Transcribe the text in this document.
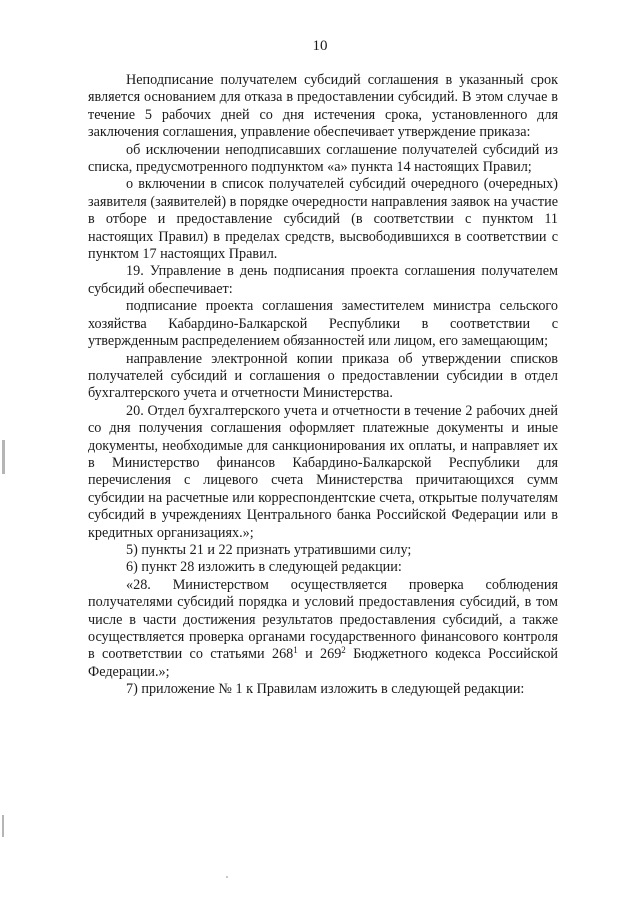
10

Неподписание получателем субсидий соглашения в указанный срок является основанием для отказа в предоставлении субсидий. В этом случае в течение 5 рабочих дней со дня истечения срока, установленного для заключения соглашения, управление обеспечивает утверждение приказа:

об исключении неподписавших соглашение получателей субсидий из списка, предусмотренного подпунктом «а» пункта 14 настоящих Правил;

о включении в список получателей субсидий очередного (очередных) заявителя (заявителей) в порядке очередности направления заявок на участие в отборе и предоставление субсидий (в соответствии с пунктом 11 настоящих Правил) в пределах средств, высвободившихся в соответствии с пунктом 17 настоящих Правил.

19. Управление в день подписания проекта соглашения получателем субсидий обеспечивает:

подписание проекта соглашения заместителем министра сельского хозяйства Кабардино-Балкарской Республики в соответствии с утвержденным распределением обязанностей или лицом, его замещающим;

направление электронной копии приказа об утверждении списков получателей субсидий и соглашения о предоставлении субсидии в отдел бухгалтерского учета и отчетности Министерства.

20. Отдел бухгалтерского учета и отчетности в течение 2 рабочих дней со дня получения соглашения оформляет платежные документы и иные документы, необходимые для санкционирования их оплаты, и направляет их в Министерство финансов Кабардино-Балкарской Республики для перечисления с лицевого счета Министерства причитающихся сумм субсидии на расчетные или корреспондентские счета, открытые получателям субсидий в учреждениях Центрального банка Российской Федерации или в кредитных организациях.»;

5) пункты 21 и 22 признать утратившими силу;

6) пункт 28 изложить в следующей редакции:

«28. Министерством осуществляется проверка соблюдения получателями субсидий порядка и условий предоставления субсидий, в том числе в части достижения результатов предоставления субсидий, а также осуществляется проверка органами государственного финансового контроля в соответствии со статьями $268^1$ и $269^2$ Бюджетного кодекса Российской Федерации.»;

7) приложение № 1 к Правилам изложить в следующей редакции:
